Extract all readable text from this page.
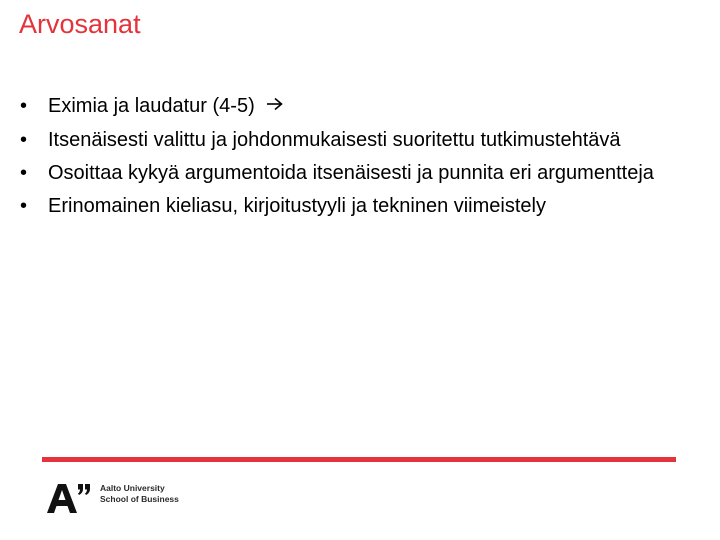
Arvosanat
•	Eximia ja laudatur (4-5)
•	Itsenäisesti valittu ja johdonmukaisesti suoritettu tutkimustehtävä
•	Osoittaa kykyä argumentoida itsenäisesti ja punnita eri argumentteja
•	Erinomainen kieliasu, kirjoitustyyli ja tekninen viimeistely
Aalto University
School of Business
